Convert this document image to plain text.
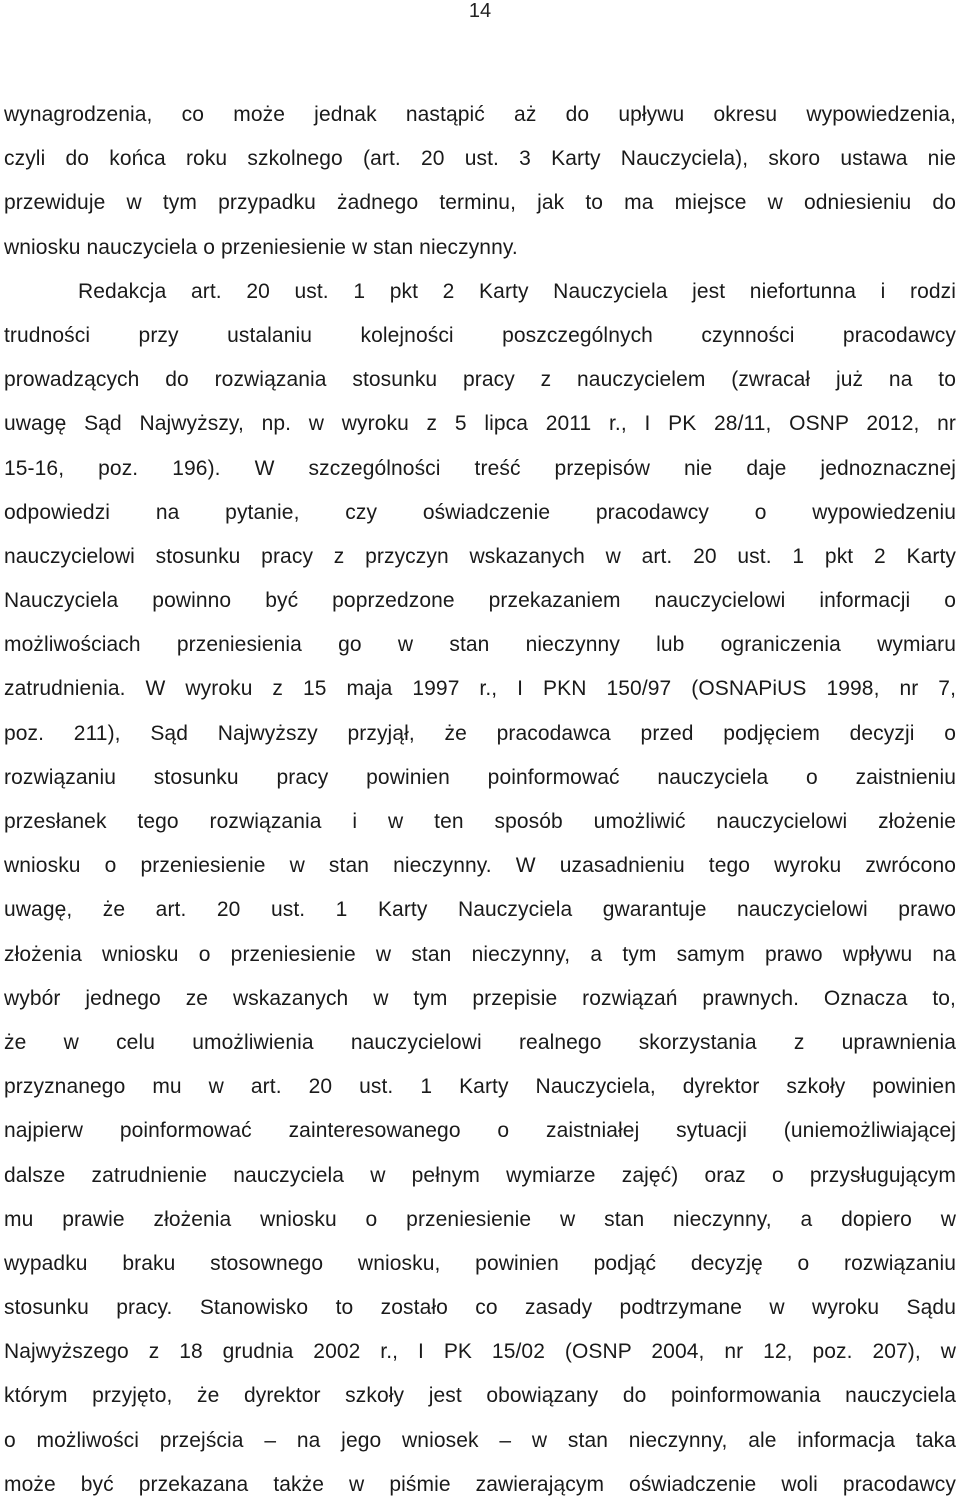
14
wynagrodzenia, co może jednak nastąpić aż do upływu okresu wypowiedzenia,
czyli do końca roku szkolnego (art. 20 ust. 3 Karty Nauczyciela), skoro ustawa nie
przewiduje w tym przypadku żadnego terminu, jak to ma miejsce w odniesieniu do
wniosku nauczyciela o przeniesienie w stan nieczynny.
Redakcja art. 20 ust. 1 pkt 2 Karty Nauczyciela jest niefortunna i rodzi
trudności przy ustalaniu kolejności poszczególnych czynności pracodawcy
prowadzących do rozwiązania stosunku pracy z nauczycielem (zwracał już na to
uwagę Sąd Najwyższy, np. w wyroku z 5 lipca 2011 r., I PK 28/11, OSNP 2012, nr
15-16, poz. 196). W szczególności treść przepisów nie daje jednoznacznej
odpowiedzi na pytanie, czy oświadczenie pracodawcy o wypowiedzeniu
nauczycielowi stosunku pracy z przyczyn wskazanych w art. 20 ust. 1 pkt 2 Karty
Nauczyciela powinno być poprzedzone przekazaniem nauczycielowi informacji o
możliwościach przeniesienia go w stan nieczynny lub ograniczenia wymiaru
zatrudnienia. W wyroku z 15 maja 1997 r., I PKN 150/97 (OSNAPiUS 1998, nr 7,
poz. 211), Sąd Najwyższy przyjął, że pracodawca przed podjęciem decyzji o
rozwiązaniu stosunku pracy powinien poinformować nauczyciela o zaistnieniu
przesłanek tego rozwiązania i w ten sposób umożliwić nauczycielowi złożenie
wniosku o przeniesienie w stan nieczynny. W uzasadnieniu tego wyroku zwrócono
uwagę, że art. 20 ust. 1 Karty Nauczyciela gwarantuje nauczycielowi prawo
złożenia wniosku o przeniesienie w stan nieczynny, a tym samym prawo wpływu na
wybór jednego ze wskazanych w tym przepisie rozwiązań prawnych. Oznacza to,
że w celu umożliwienia nauczycielowi realnego skorzystania z uprawnienia
przyznanego mu w art. 20 ust. 1 Karty Nauczyciela, dyrektor szkoły powinien
najpierw poinformować zainteresowanego o zaistniałej sytuacji (uniemożliwiającej
dalsze zatrudnienie nauczyciela w pełnym wymiarze zajęć) oraz o przysługującym
mu prawie złożenia wniosku o przeniesienie w stan nieczynny, a dopiero w
wypadku braku stosownego wniosku, powinien podjąć decyzję o rozwiązaniu
stosunku pracy. Stanowisko to zostało co zasady podtrzymane w wyroku Sądu
Najwyższego z 18 grudnia 2002 r., I PK 15/02 (OSNP 2004, nr 12, poz. 207), w
którym przyjęto, że dyrektor szkoły jest obowiązany do poinformowania nauczyciela
o możliwości przejścia – na jego wniosek – w stan nieczynny, ale informacja taka
może być przekazana także w piśmie zawierającym oświadczenie woli pracodawcy
